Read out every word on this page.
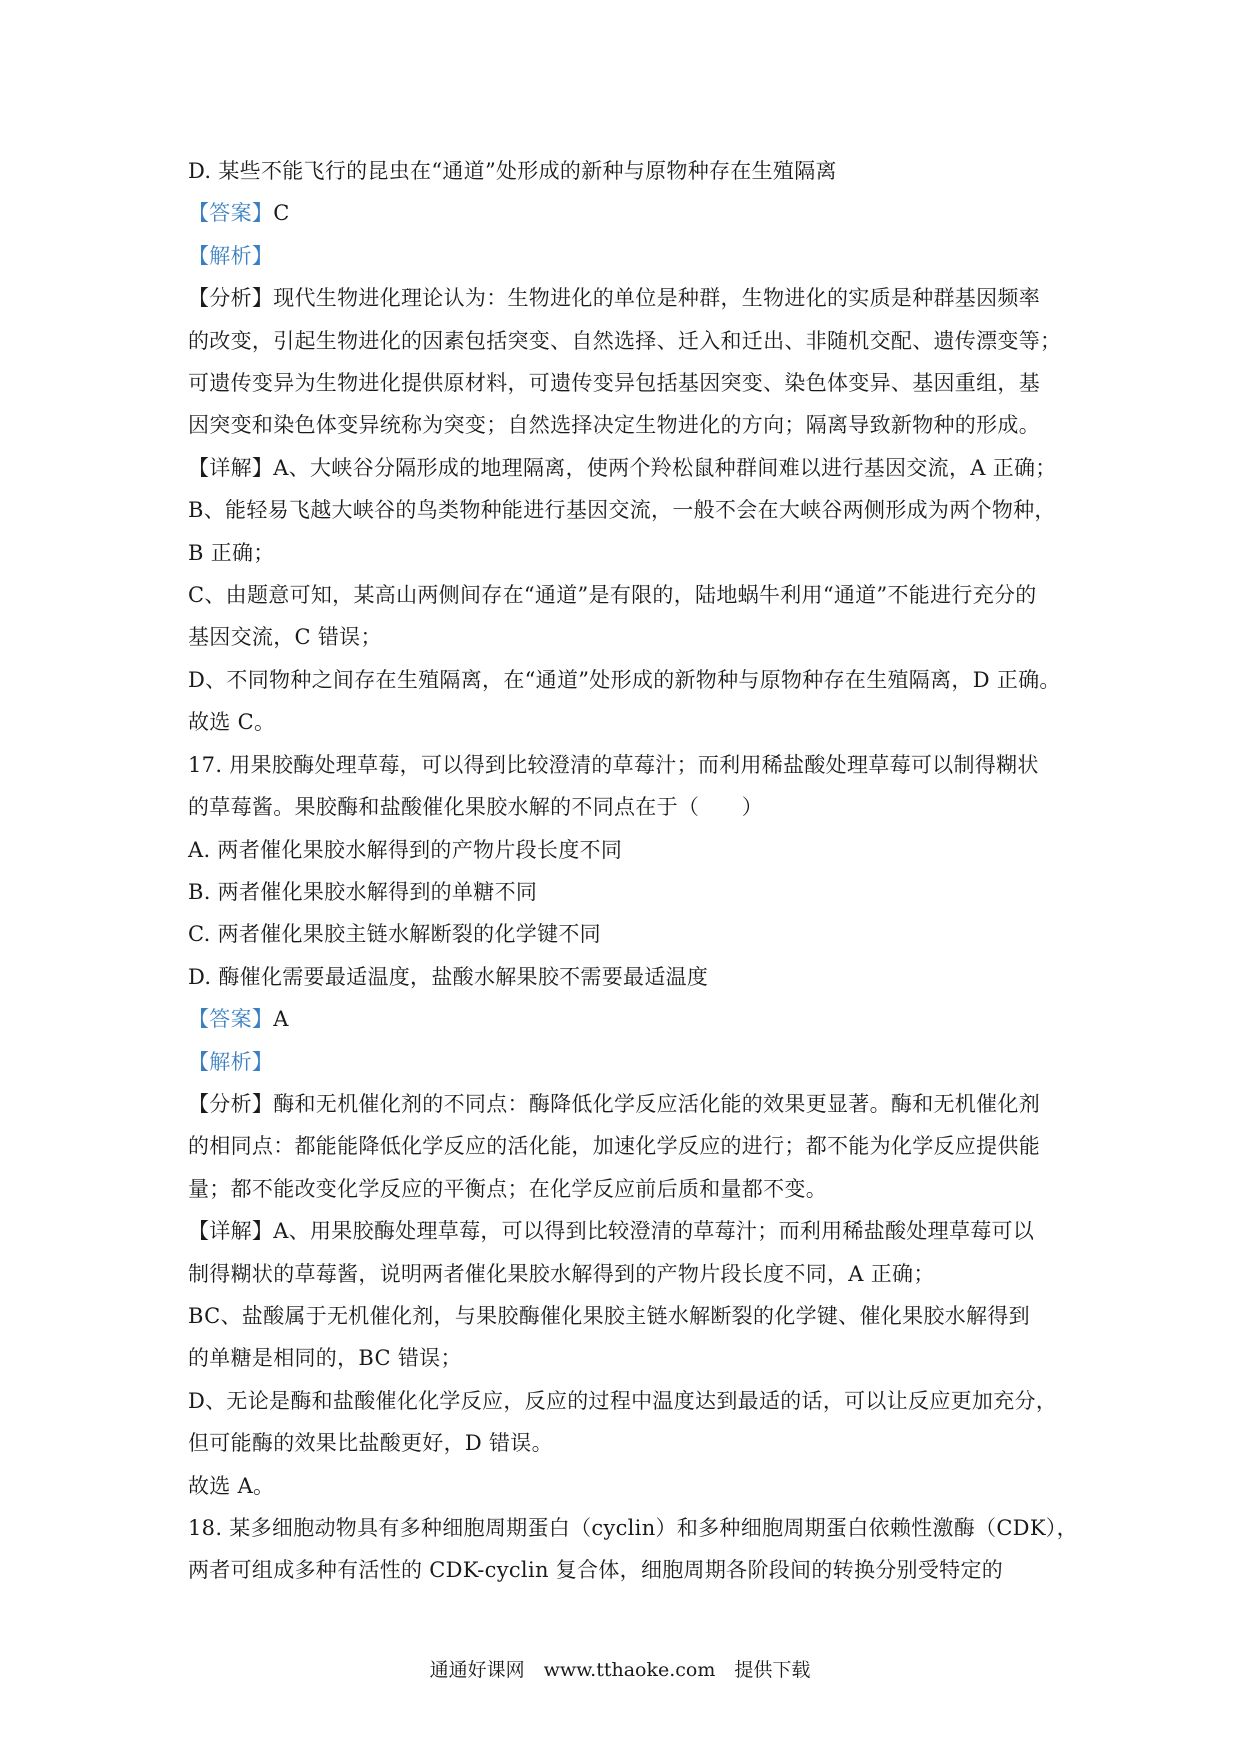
D. 某些不能飞行的昆虫在“通道”处形成的新种与原物种存在生殖隔离
【答案】C
【解析】
【分析】现代生物进化理论认为：生物进化的单位是种群，生物进化的实质是种群基因频率
的改变，引起生物进化的因素包括突变、自然选择、迁入和迁出、非随机交配、遗传漂变等；
可遗传变异为生物进化提供原材料，可遗传变异包括基因突变、染色体变异、基因重组，基
因突变和染色体变异统称为突变；自然选择决定生物进化的方向；隔离导致新物种的形成。
【详解】A、大峡谷分隔形成的地理隔离，使两个羚松鼠种群间难以进行基因交流，A 正确；
B、能轻易飞越大峡谷的鸟类物种能进行基因交流，一般不会在大峡谷两侧形成为两个物种，
B 正确；
C、由题意可知，某高山两侧间存在“通道”是有限的，陆地蜗牛利用“通道”不能进行充分的
基因交流，C 错误；
D、不同物种之间存在生殖隔离，在“通道”处形成的新物种与原物种存在生殖隔离，D 正确。
故选 C。
17. 用果胶酶处理草莓，可以得到比较澄清的草莓汁；而利用稀盐酸处理草莓可以制得糊状
的草莓酱。果胶酶和盐酸催化果胶水解的不同点在于（　　）
A. 两者催化果胶水解得到的产物片段长度不同
B. 两者催化果胶水解得到的单糖不同
C. 两者催化果胶主链水解断裂的化学键不同
D. 酶催化需要最适温度，盐酸水解果胶不需要最适温度
【答案】A
【解析】
【分析】酶和无机催化剂的不同点：酶降低化学反应活化能的效果更显著。酶和无机催化剂
的相同点：都能能降低化学反应的活化能，加速化学反应的进行；都不能为化学反应提供能
量；都不能改变化学反应的平衡点；在化学反应前后质和量都不变。
【详解】A、用果胶酶处理草莓，可以得到比较澄清的草莓汁；而利用稀盐酸处理草莓可以
制得糊状的草莓酱，说明两者催化果胶水解得到的产物片段长度不同，A 正确；
BC、盐酸属于无机催化剂，与果胶酶催化果胶主链水解断裂的化学键、催化果胶水解得到
的单糖是相同的，BC 错误；
D、无论是酶和盐酸催化化学反应，反应的过程中温度达到最适的话，可以让反应更加充分，
但可能酶的效果比盐酸更好，D 错误。
故选 A。
18. 某多细胞动物具有多种细胞周期蛋白（cyclin）和多种细胞周期蛋白依赖性激酶（CDK），
两者可组成多种有活性的 CDK-cyclin 复合体，细胞周期各阶段间的转换分别受特定的
通通好课网　www.tthaoke.com　提供下载
